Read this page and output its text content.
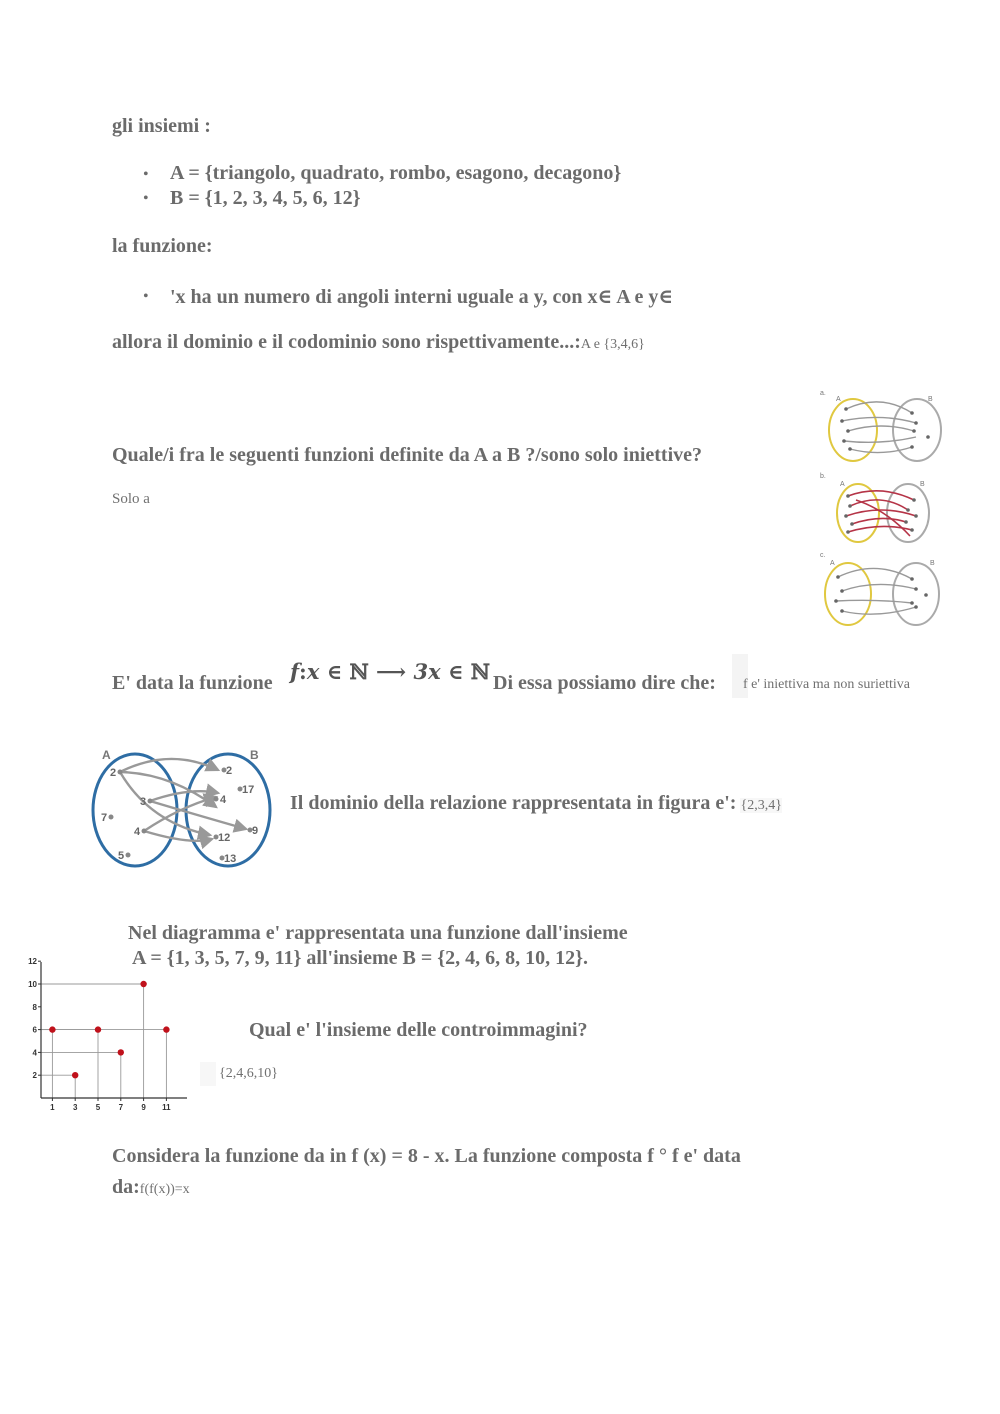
gli insiemi :
• A = {triangolo, quadrato, rombo, esagono, decagono}
• B = {1, 2, 3, 4, 5, 6, 12}
la funzione:
• 'x ha un numero di angoli interni uguale a y, con x∈ A e y∈
allora il dominio e il codominio sono rispettivamente...:A e {3,4,6}
Quale/i fra le seguenti funzioni definite da A a B ?/sono solo iniettive?
Solo a
a.
A	B
b.
A	B
c.
A	B
E' data la funzione f:x ∈ ℕ ⟶ 3x ∈ ℕ Di essa possiamo dire che: f e' iniettiva ma non suriettiva
A	B
2
3
4
7
5
2
17
4
9
12
13
Il dominio della relazione rappresentata in figura e': {2,3,4}
Nel diagramma e' rappresentata una funzione dall'insieme
A = {1, 3, 5, 7, 9, 11} all'insieme B = {2, 4, 6, 8, 10, 12}.
1 3 5 7 9 11
2
4
6
8
10
12
Qual e' l'insieme delle controimmagini?
{2,4,6,10}
Considera la funzione da in f (x) = 8 - x. La funzione composta f ° f e' data
da:f(f(x))=x
